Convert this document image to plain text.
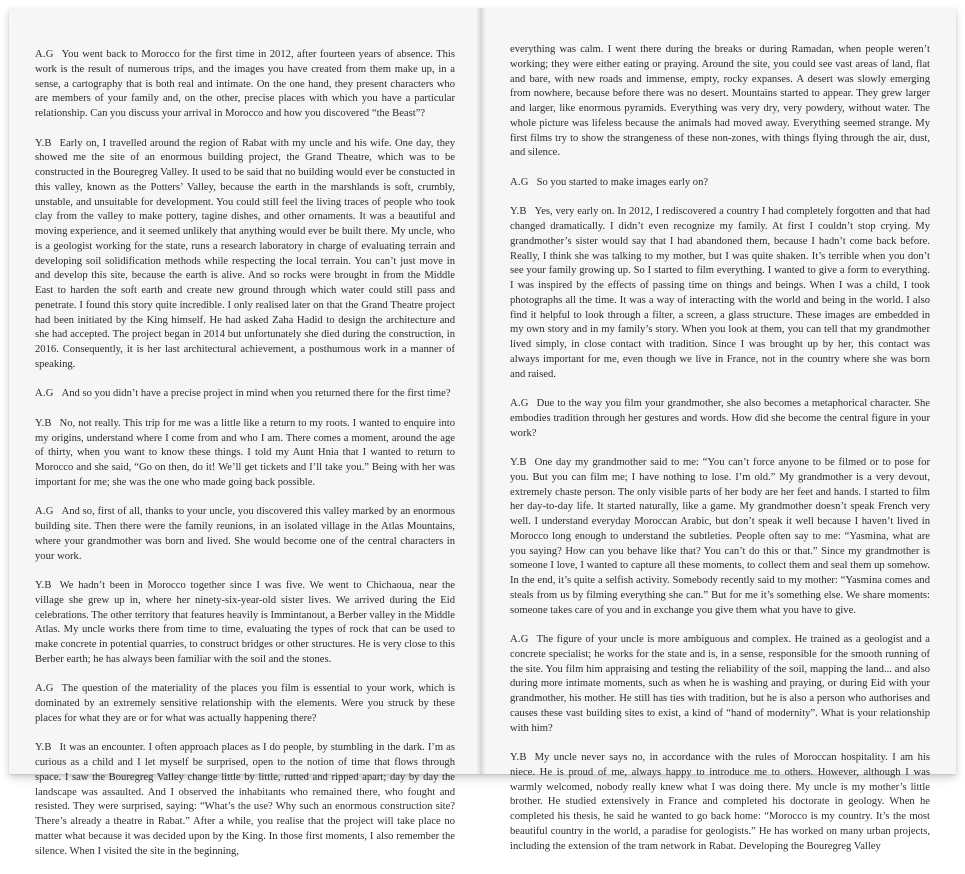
A.G You went back to Morocco for the first time in 2012, after fourteen years of absence. This work is the result of numerous trips, and the images you have created from them make up, in a sense, a cartography that is both real and intimate. On the one hand, they present characters who are members of your family and, on the other, precise places with which you have a particular relationship. Can you discuss your arrival in Morocco and how you discovered “the Beast”?

Y.B Early on, I travelled around the region of Rabat with my uncle and his wife. One day, they showed me the site of an enormous building project, the Grand Theatre, which was to be constructed in the Bouregreg Valley. It used to be said that no building would ever be constucted in this valley, known as the Potters’ Valley, because the earth in the marshlands is soft, crumbly, unstable, and unsuitable for development. You could still feel the living traces of people who took clay from the valley to make pottery, tagine dishes, and other ornaments. It was a beautiful and moving experience, and it seemed unlikely that anything would ever be built there. My uncle, who is a geologist working for the state, runs a research laboratory in charge of evaluating terrain and developing soil solidification methods while respecting the local terrain. You can’t just move in and develop this site, because the earth is alive. And so rocks were brought in from the Middle East to harden the soft earth and create new ground through which water could still pass and penetrate. I found this story quite incredible. I only realised later on that the Grand Theatre project had been initiated by the King himself. He had asked Zaha Hadid to design the architecture and she had accepted. The project began in 2014 but unfortunately she died during the construction, in 2016. Consequently, it is her last architectural achievement, a posthumous work in a manner of speaking.

A.G And so you didn’t have a precise project in mind when you returned there for the first time?

Y.B No, not really. This trip for me was a little like a return to my roots. I wanted to enquire into my origins, understand where I come from and who I am. There comes a moment, around the age of thirty, when you want to know these things. I told my Aunt Hnia that I wanted to return to Morocco and she said, “Go on then, do it! We’ll get tickets and I’ll take you.” Being with her was important for me; she was the one who made going back possible.

A.G And so, first of all, thanks to your uncle, you discovered this valley marked by an enormous building site. Then there were the family reunions, in an isolated village in the Atlas Mountains, where your grandmother was born and lived. She would become one of the central characters in your work.

Y.B We hadn’t been in Morocco together since I was five. We went to Chichaoua, near the village she grew up in, where her ninety-six-year-old sister lives. We arrived during the Eid celebrations. The other territory that features heavily is Immintanout, a Berber valley in the Middle Atlas. My uncle works there from time to time, evaluating the types of rock that can be used to make concrete in potential quarries, to construct bridges or other structures. He is very close to this Berber earth; he has always been familiar with the soil and the stones.

A.G The question of the materiality of the places you film is essential to your work, which is dominated by an extremely sensitive relationship with the elements. Were you struck by these places for what they are or for what was actually happening there?

Y.B It was an encounter. I often approach places as I do people, by stumbling in the dark. I’m as curious as a child and I let myself be surprised, open to the notion of time that flows through space. I saw the Bouregreg Valley change little by little, rutted and ripped apart; day by day the landscape was assaulted. And I observed the inhabitants who remained there, who fought and resisted. They were surprised, saying: “What’s the use? Why such an enormous construction site? There’s already a theatre in Rabat.” After a while, you realise that the project will take place no matter what because it was decided upon by the King. In those first moments, I also remember the silence. When I visited the site in the beginning,

everything was calm. I went there during the breaks or during Ramadan, when people weren’t working; they were either eating or praying. Around the site, you could see vast areas of land, flat and bare, with new roads and immense, empty, rocky expanses. A desert was slowly emerging from nowhere, because before there was no desert. Mountains started to appear. They grew larger and larger, like enormous pyramids. Everything was very dry, very powdery, without water. The whole picture was lifeless because the animals had moved away. Everything seemed strange. My first films try to show the strangeness of these non-zones, with things flying through the air, dust, and silence.

A.G So you started to make images early on?

Y.B Yes, very early on. In 2012, I rediscovered a country I had completely forgotten and that had changed dramatically. I didn’t even recognize my family. At first I couldn’t stop crying. My grandmother’s sister would say that I had abandoned them, because I hadn’t come back before. Really, I think she was talking to my mother, but I was quite shaken. It’s terrible when you don’t see your family growing up. So I started to film everything. I wanted to give a form to everything. I was inspired by the effects of passing time on things and beings. When I was a child, I took photographs all the time. It was a way of interacting with the world and being in the world. I also find it helpful to look through a filter, a screen, a glass structure. These images are embedded in my own story and in my family’s story. When you look at them, you can tell that my grandmother lived simply, in close contact with tradition. Since I was brought up by her, this contact was always important for me, even though we live in France, not in the country where she was born and raised.

A.G Due to the way you film your grandmother, she also becomes a metaphorical character. She embodies tradition through her gestures and words. How did she become the central figure in your work?

Y.B One day my grandmother said to me: “You can’t force anyone to be filmed or to pose for you. But you can film me; I have nothing to lose. I’m old.” My grandmother is a very devout, extremely chaste person. The only visible parts of her body are her feet and hands. I started to film her day-to-day life. It started naturally, like a game. My grandmother doesn’t speak French very well. I understand everyday Moroccan Arabic, but don’t speak it well because I haven’t lived in Morocco long enough to understand the subtleties. People often say to me: “Yasmina, what are you saying? How can you behave like that? You can’t do this or that.” Since my grandmother is someone I love, I wanted to capture all these moments, to collect them and seal them up somehow. In the end, it’s quite a selfish activity. Somebody recently said to my mother: “Yasmina comes and steals from us by filming everything she can.” But for me it’s something else. We share moments: someone takes care of you and in exchange you give them what you have to give.

A.G The figure of your uncle is more ambiguous and complex. He trained as a geologist and a concrete specialist; he works for the state and is, in a sense, responsible for the smooth running of the site. You film him appraising and testing the reliability of the soil, mapping the land... and also during more intimate moments, such as when he is washing and praying, or during Eid with your grandmother, his mother. He still has ties with tradition, but he is also a person who authorises and causes these vast building sites to exist, a kind of “hand of modernity”. What is your relationship with him?

Y.B My uncle never says no, in accordance with the rules of Moroccan hospitality. I am his niece. He is proud of me, always happy to introduce me to others. However, although I was warmly welcomed, nobody really knew what I was doing there. My uncle is my mother’s little brother. He studied extensively in France and completed his doctorate in geology. When he completed his thesis, he said he wanted to go back home: “Morocco is my country. It’s the most beautiful country in the world, a paradise for geologists.” He has worked on many urban projects, including the extension of the tram network in Rabat. Developing the Bouregreg Valley
